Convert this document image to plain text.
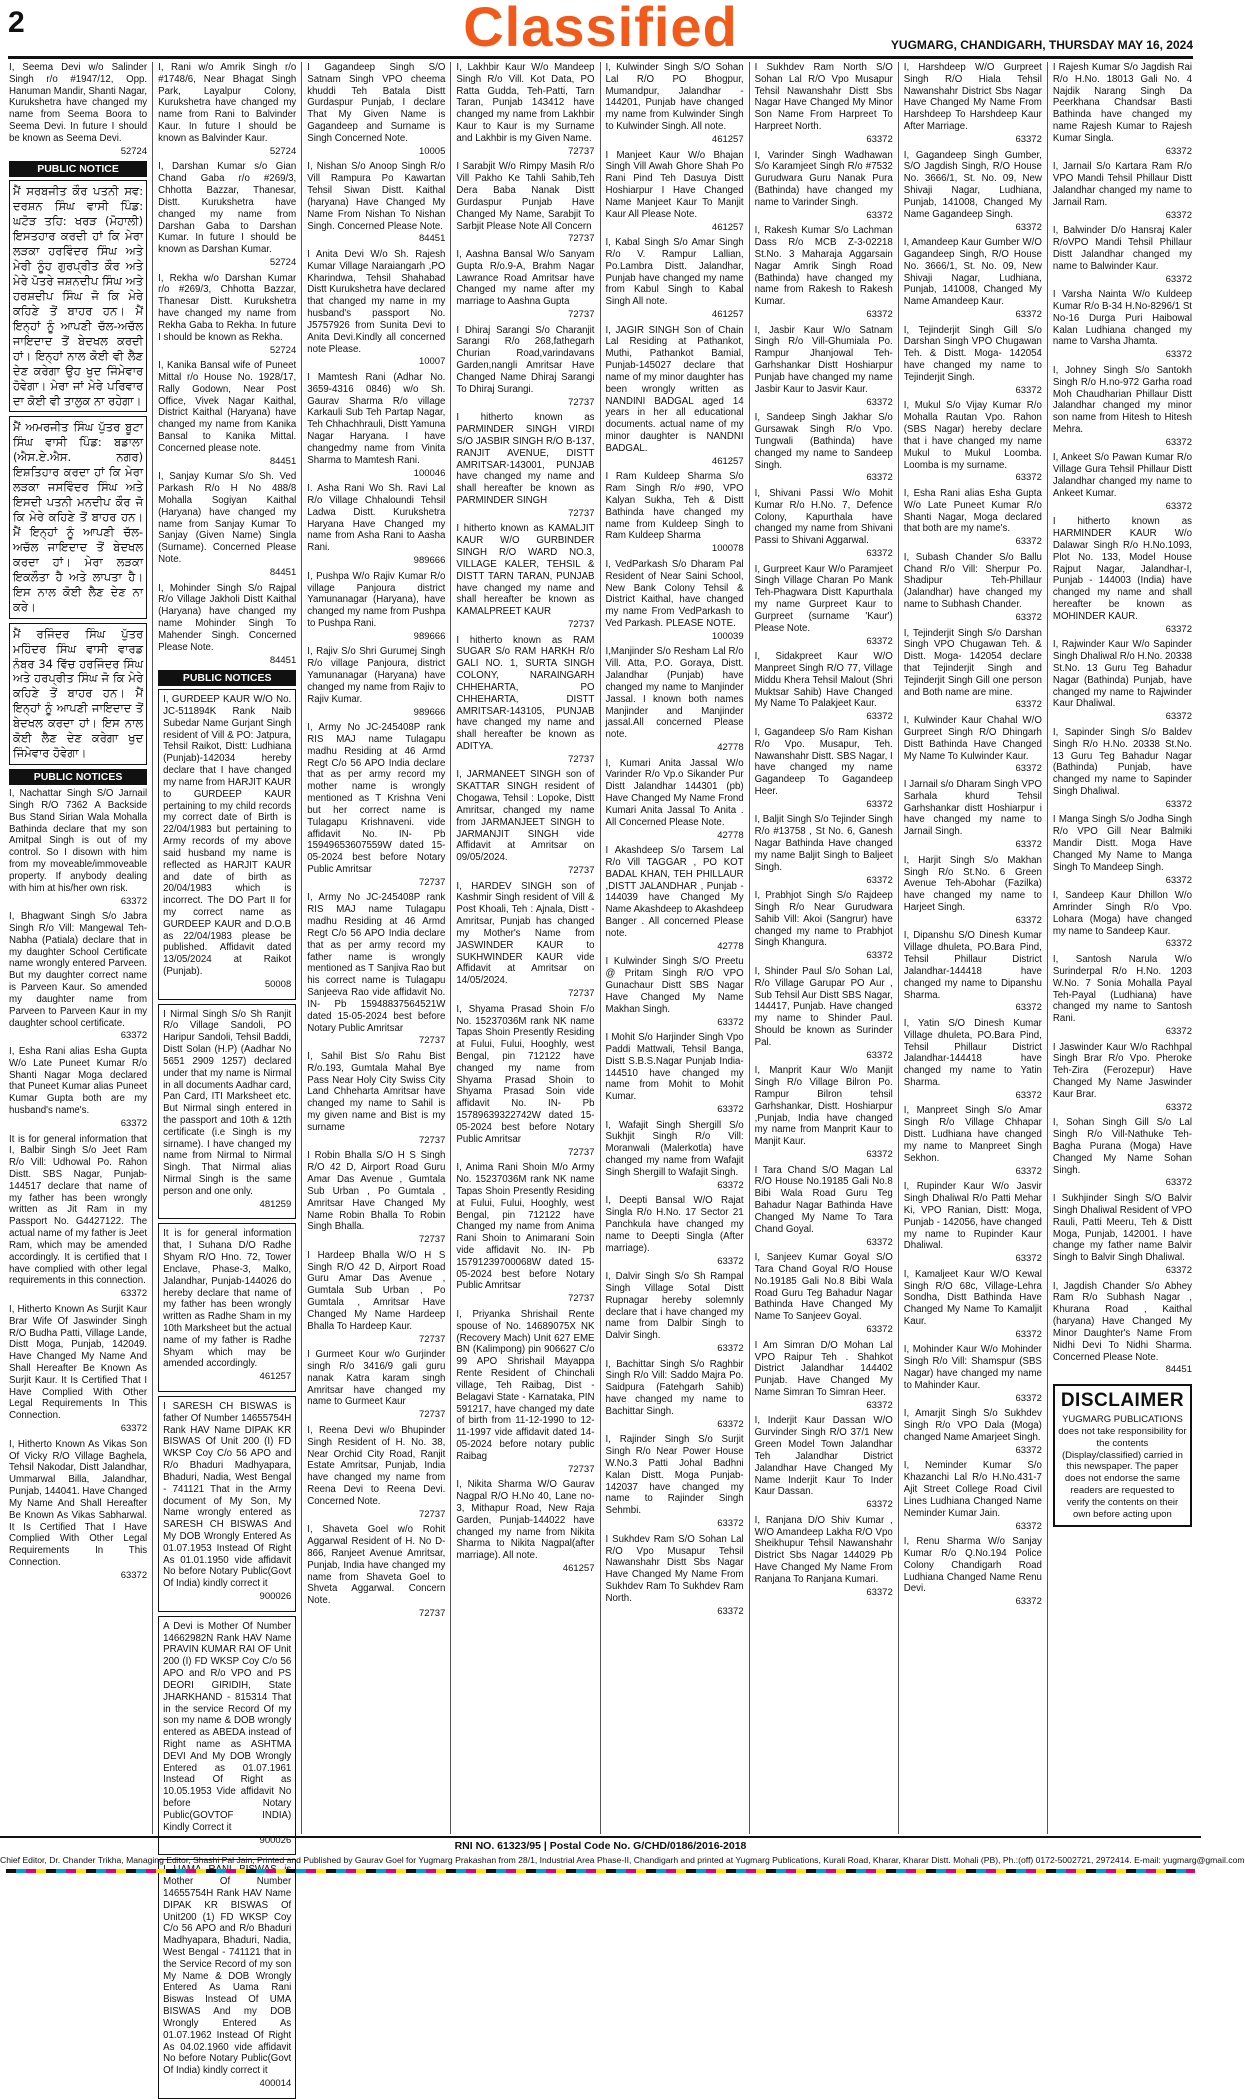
2	Classified	YUGMARG, CHANDIGARH, THURSDAY MAY 16, 2024
I, Seema Devi w/o Salinder Singh r/o #1947/12, Opp. Hanuman Mandir, Shanti Nagar, Kurukshetra have changed my name from Seema Boora to Seema Devi. In future I should be known as Seema Devi.
52724
PUBLIC NOTICE
ਮੈਂ ਸਰਬਜੀਤ ਕੌਰ ਪਤਨੀ ਸਵ: ਦਰਸ਼ਨ ਸਿੰਘ ਵਾਸੀ ਪਿੰਡ: ਘਟੋੜ ਤਹਿ: ਖਰੜ (ਮੋਹਾਲੀ) ਇਸਤਹਾਰ ਕਰਦੀ ਹਾਂ ਕਿ ਮੇਰਾ ਲੜਕਾ ਹਰਵਿੰਦਰ ਸਿੰਘ ਅਤੇ ਮੇਰੀ ਨੂੰਹ ਗੁਰਪ੍ਰੀਤ ਕੌਰ ਅਤੇ ਮੇਰੇ ਪੋਤਰੇ ਜਸ਼ਨਦੀਪ ਸਿੰਘ ਅਤੇ ਹਰਸ਼ਦੀਪ ਸਿੰਘ ਜੋ ਕਿ ਮੇਰੇ ਕਹਿਣੇ ਤੋਂ ਬਾਹਰ ਹਨ। ਮੈਂ ਇਨ੍ਹਾਂ ਨੂੰ ਆਪਣੀ ਚੱਲ-ਅਚੱਲ ਜਾਇਦਾਦ ਤੋਂ ਬੇਦਖਲ ਕਰਦੀ ਹਾਂ। ਇਨ੍ਹਾਂ ਨਾਲ ਕੋਈ ਵੀ ਲੈਣ ਦੇਣ ਕਰੇਗਾ ਉਹ ਖੁਦ ਜਿੰਮੇਵਾਰ ਹੋਵੇਗਾ। ਮੇਰਾ ਜਾਂ ਮੇਰੇ ਪਰਿਵਾਰ ਦਾ ਕੋਈ ਵੀ ਤਾਲੁਕ ਨਾ ਰਹੇਗਾ।
ਮੈਂ ਅਮਰਜੀਤ ਸਿੰਘ ਪੁੱਤਰ ਬੂਟਾ ਸਿੰਘ ਵਾਸੀ ਪਿੰਡ: ਬਡਾਲਾ (ਐਸ.ਏ.ਐਸ. ਨਗਰ) ਇਸ਼ਤਿਹਾਰ ਕਰਦਾ ਹਾਂ ਕਿ ਮੇਰਾ ਲੜਕਾ ਜਸਵਿੰਦਰ ਸਿੰਘ ਅਤੇ ਇਸਦੀ ਪਤਨੀ ਮਨਦੀਪ ਕੌਰ ਜੋ ਕਿ ਮੇਰੇ ਕਹਿਣੇ ਤੋਂ ਬਾਹਰ ਹਨ। ਮੈਂ ਇਨ੍ਹਾਂ ਨੂੰ ਆਪਣੀ ਚੱਲ-ਅਚੱਲ ਜਾਇਦਾਦ ਤੋਂ ਬੇਦਖਲ ਕਰਦਾ ਹਾਂ। ਮੇਰਾ ਲੜਕਾ ਇਕਲੌਤਾ ਹੈ ਅਤੇ ਲਾਪਤਾ ਹੈ। ਇਸ ਨਾਲ ਕੋਈ ਲੈਣ ਦੇਣ ਨਾ ਕਰੇ।
ਮੈਂ ਰਜਿੰਦਰ ਸਿੰਘ ਪੁੱਤਰ ਮਹਿੰਦਰ ਸਿੰਘ ਵਾਸੀ ਵਾਰਡ ਨੰਬਰ 34 ਵਿੱਚ ਹਰਜਿੰਦਰ ਸਿੰਘ ਅਤੇ ਹਰਪ੍ਰੀਤ ਸਿੰਘ ਜੋ ਕਿ ਮੇਰੇ ਕਹਿਣੇ ਤੋਂ ਬਾਹਰ ਹਨ। ਮੈਂ ਇਨ੍ਹਾਂ ਨੂੰ ਆਪਣੀ ਜਾਇਦਾਦ ਤੋਂ ਬੇਦਖਲ ਕਰਦਾ ਹਾਂ। ਇਸ ਨਾਲ ਕੋਈ ਲੈਣ ਦੇਣ ਕਰੇਗਾ ਖੁਦ ਜਿੰਮੇਵਾਰ ਹੋਵੇਗਾ।
PUBLIC NOTICES
I, Nachattar Singh S/O Jarnail Singh R/O 7362 A Backside Bus Stand Sirian Wala Mohalla Bathinda declare that my son Amitpal Singh is out of my control. So I disown with him from my moveable/immoveable property. If anybody dealing with him at his/her own risk.
63372
I, Bhagwant Singh S/o Jabra Singh R/o Vill: Mangewal Teh-Nabha (Patiala) declare that in my daughter School Certificate name wrongly entered Parveen. But my daughter correct name is Parveen Kaur. So amended my daughter name from Parveen to Parveen Kaur in my daughter school certificate.
63372
I, Esha Rani alias Esha Gupta W/o Late Puneet Kumar R/o Shanti Nagar Moga declared that Puneet Kumar alias Puneet Kumar Gupta both are my husband's name's.
63372
It is for general information that I, Balbir Singh S/o Jeet Ram R/o Vill: Udhowal Po. Rahon Distt. SBS Nagar, Punjab-144517 declare that name of my father has been wrongly written as Jit Ram in my Passport No. G4427122. The actual name of my father is Jeet Ram, which may be amended accordingly. It is certified that I have complied with other legal requirements in this connection.
63372
I, Hitherto Known As Surjit Kaur Brar Wife Of Jaswinder Singh R/O Budha Patti, Village Lande, Distt Moga, Punjab, 142049. Have Changed My Name And Shall Hereafter Be Known As Surjit Kaur. It Is Certified That I Have Complied With Other Legal Requirements In This Connection.
63372
I, Hitherto Known As Vikas Son Of Vicky R/O Village Baghela, Tehsil Nakodar, Distt Jalandhar, Ummarwal Billa, Jalandhar, Punjab, 144041. Have Changed My Name And Shall Hereafter Be Known As Vikas Sabharwal. It Is Certified That I Have Complied With Other Legal Requirements In This Connection.
63372
I, Rani w/o Amrik Singh r/o #1748/6, Near Bhagat Singh Park, Layalpur Colony, Kurukshetra have changed my name from Rani to Balvinder Kaur. In future I should be known as Balvinder Kaur.
52724
I, Darshan Kumar s/o Gian Chand Gaba r/o #269/3, Chhotta Bazzar, Thanesar, Distt. Kurukshetra have changed my name from Darshan Gaba to Darshan Kumar. In future I should be known as Darshan Kumar.
52724
I, Rekha w/o Darshan Kumar r/o #269/3, Chhotta Bazzar, Thanesar Distt. Kurukshetra have changed my name from Rekha Gaba to Rekha. In future I should be known as Rekha.
52724
I, Kanika Bansal wife of Puneet Mittal r/o House No. 1928/17, Rally Godown, Near Post Office, Vivek Nagar Kaithal, District Kaithal (Haryana) have changed my name from Kanika Bansal to Kanika Mittal. Concerned please note.
84451
I, Sanjay Kumar S/o Sh. Ved Parkash R/o H No 488/8 Mohalla Sogiyan Kaithal (Haryana) have changed my name from Sanjay Kumar To Sanjay (Given Name) Singla (Surname). Concerned Please Note.
84451
I, Mohinder Singh S/o Rajpal R/o Village Jakholi Distt Kaithal (Haryana) have changed my name Mohinder Singh To Mahender Singh. Concerned Please Note.
84451
PUBLIC NOTICES
I, GURDEEP KAUR W/O No. JC-511894K Rank Naib Subedar Name Gurjant Singh resident of Vill & PO: Jatpura, Tehsil Raikot, Distt: Ludhiana (Punjab)-142034 hereby declare that I have changed my name from HARJIT KAUR to GURDEEP KAUR pertaining to my child records my correct date of Birth is 22/04/1983 but pertaining to Army records of my above said husband my name is reflected as HARJIT KAUR and date of birth as 20/04/1983 which is incorrect. The DO Part II for my correct name as GURDEEP KAUR and D.O.B as 22/04/1983 please be published. Affidavit dated 13/05/2024 at Raikot (Punjab).
50008
I Nirmal Singh S/o Sh Ranjit R/o Village Sandoli, PO Haripur Sandoli, Tehsil Baddi, Distt Solan (H.P) (Aadhar No 5651 2909 1257) declared under that my name is Nirmal in all documents Aadhar card, Pan Card, ITI Marksheet etc. But Nirmal singh entered in the passport and 10th & 12th certificate (i.e Singh is my sirname). I have changed my name from Nirmal to Nirmal Singh. That Nirmal alias Nirmal Singh is the same person and one only.
481259
It is for general information that, I Suhana D/O Radhe Shyam R/O Hno. 72, Tower Enclave, Phase-3, Malko, Jalandhar, Punjab-144026 do hereby declare that name of my father has been wrongly written as Radhe Sham in my 10th Marksheet but the actual name of my father is Radhe Shyam which may be amended accordingly.
461257
I SARESH CH BISWAS is father Of Number 14655754H Rank HAV Name DIPAK KR BISWAS Of Unit 200 (I) FD WKSP Coy C/o 56 APO and R/o Bhaduri Madhyapara, Bhaduri, Nadia, West Bengal - 741121 That in the Army document of My Son, My Name wrongly entered as SARESH CH BISWAS And My DOB Wrongly Entered As 01.07.1953 Instead Of Right As 01.01.1950 vide affidavit No before Notary Public(Govt Of India) kindly correct it
900026
A Devi is Mother Of Number 14662982N Rank HAV Name PRAVIN KUMAR RAI OF Unit 200 (I) FD WKSP Coy C/o 56 APO and R/o VPO and PS DEORI GIRIDIH, State JHARKHAND - 815314 That in the service Record Of my son my name & DOB wrongly entered as ABEDA instead of Right name as ASHTMA DEVI And My DOB Wrongly Entered as 01.07.1961 Instead Of Right as 10.05.1953 Vide affidavit No before Notary Public(GOVTOF INDIA) Kindly Correct it
900026
Mother Of Number 14655754H Rank HAV Name DIPAK KR BISWAS Of Unit200 (1) FD WKSP Coy C/o 56 APO and R/o Bhaduri Madhyapara, Bhaduri, Nadia, West Bengal - 741121 that in the Service Record of my son My Name & DOB Wrongly Entered As Uama Rani Biswas Instead Of UMA BISWAS And my DOB Wrongly Entered As 01.07.1962 Instead Of Right As 04.02.1960 vide affidavit No before Notary Public(Govt Of India) kindly correct it
400014
I Gagandeep Singh S/O Satnam Singh VPO cheema khuddi Teh Batala Distt Gurdaspur Punjab, I declare That My Given Name is Gagandeep and Surname is Singh Concerned Note.
10005
I, Nishan S/o Anoop Singh R/o Vill Rampura Po Kawartan Tehsil Siwan Distt. Kaithal (haryana) Have Changed My Name From Nishan To Nishan Singh. Concerned Please Note.
84451
I Anita Devi W/o Sh. Rajesh Kumar Village Naraiangarh ,PO Kharindwa, Tehsil Shahabad Distt Kurukshetra have declared that changed my name in my husband's passport No. J5757926 from Sunita Devi to Anita Devi.Kindly all concerned note Please.
10007
I Mamtesh Rani (Adhar No. 3659-4316 0846) w/o Sh. Gaurav Sharma R/o village Karkauli Sub Teh Partap Nagar, Teh Chhachhrauli, Distt Yamuna Nagar Haryana. I have changedmy name from Vinita Sharma to Mamtesh Rani.
100046
I. Asha Rani Wo Sh. Ravi Lal R/o Village Chhaloundi Tehsil Ladwa Distt. Kurukshetra Haryana Have Changed my name from Asha Rani to Aasha Rani.
989666
I, Pushpa W/o Rajiv Kumar R/o village Panjoura district Yamunanagar (Haryana), have changed my name from Pushpa to Pushpa Rani.
989666
I, Rajiv S/o Shri Gurumej Singh R/o village Panjoura, district Yamunanagar (Haryana) have changed my name from Rajiv to Rajiv Kumar.
989666
I, Army No JC-245408P rank RIS MAJ name Tulagapu madhu Residing at 46 Armd Regt C/o 56 APO India declare that as per army record my mother name is wrongly mentioned as T Krishna Veni but her correct name is Tulagapu Krishnaveni. vide affidavit No. IN- Pb 15949653607559W dated 15-05-2024 best before Notary Public Amritsar
72737
I, Army No JC-245408P rank RIS MAJ name Tulagapu madhu Residing at 46 Armd Regt C/o 56 APO India declare that as per army record my father name is wrongly mentioned as T Sanjiva Rao but his correct name is Tulagapu Sanjeeva Rao vide affidavit No. IN- Pb 15948837564521W dated 15-05-2024 best before Notary Public Amritsar
72737
I, Sahil Bist S/o Rahu Bist R/o.193, Gumtala Mahal Bye Pass Near Holy City Swiss City Land Chheharta Amritsar have changed my name to Sahil is my given name and Bist is my surname
72737
I Robin Bhalla S/O H S Singh R/O 42 D, Airport Road Guru Amar Das Avenue , Gumtala Sub Urban , Po Gumtala , Amritsar Have Changed My Name Robin Bhalla To Robin Singh Bhalla.
72737
I Hardeep Bhalla W/O H S Singh R/O 42 D, Airport Road Guru Amar Das Avenue , Gumtala Sub Urban , Po Gumtala , Amritsar Have Changed My Name Hardeep Bhalla To Hardeep Kaur.
72737
I Gurmeet Kour w/o Gurjinder singh R/o 3416/9 gali guru nanak Katra karam singh Amritsar have changed my name to Gurmeet Kaur
72737
I, Reena Devi w/o Bhupinder Singh Resident of H. No. 38, Near Orchid City Road, Ranjit Estate Amritsar, Punjab, India have changed my name from Reena Devi to Reena Devi. Concerned Note.
72737
I, Shaveta Goel w/o Rohit Aggarwal Resident of H. No D-866, Ranjeet Avenue Amritsar, Punjab, India have changed my name from Shaveta Goel to Shveta Aggarwal. Concern Note.
72737
I, Lakhbir Kaur W/o Mandeep Singh R/o Vill. Kot Data, PO Ratta Gudda, Teh-Patti, Tarn Taran, Punjab 143412 have changed my name from Lakhbir Kaur to Kaur is my Surname and Lakhbir is my Given Name.
72737
I Sarabjit W/o Rimpy Masih R/o Vill Pakho Ke Tahli Sahib,Teh Dera Baba Nanak Distt Gurdaspur Punjab Have Changed My Name, Sarabjit To Sarbjit Please Note All Concern
72737
I, Aashna Bansal W/o Sanyam Gupta R/o.9-A, Brahm Nagar Lawrance Road Amritsar have Changed my name after my marriage to Aashna Gupta
72737
I Dhiraj Sarangi S/o Charanjit Sarangi R/o 268,fathegarh Churian Road,varindavans Garden,nangli Amritsar Have Changed Name Dhiraj Sarangi To Dhiraj Surangi.
72737
I hitherto known as PARMINDER SINGH VIRDI S/O JASBIR SINGH R/O B-137, RANJIT AVENUE, DISTT AMRITSAR-143001, PUNJAB have changed my name and shall hereafter be known as PARMINDER SINGH
72737
I hitherto known as KAMALJIT KAUR W/O GURBINDER SINGH R/O WARD NO.3, VILLAGE KALER, TEHSIL & DISTT TARN TARAN, PUNJAB have changed my name and shall hereafter be known as KAMALPREET KAUR
72737
I hitherto known as RAM SUGAR S/o RAM HARKH R/o GALI NO. 1, SURTA SINGH COLONY, NARAINGARH CHHEHARTA, PO CHHEHARTA, DISTT AMRITSAR-143105, PUNJAB have changed my name and shall hereafter be known as ADITYA.
72737
I, JARMANEET SINGH son of SKATTAR SINGH resident of Chogawa, Tehsil : Lopoke, Distt Amritsar, changed my name from JARMANJEET SINGH to JARMANJIT SINGH vide Affidavit at Amritsar on 09/05/2024.
72737
I, HARDEV SINGH son of Kashmir Singh resident of Vill & Post Khoali, Teh : Ajnala, Distt - Amritsar, Punjab has changed my Mother's Name from JASWINDER KAUR to SUKHWINDER KAUR vide Affidavit at Amritsar on 14/05/2024.
72737
I, Shyama Prasad Shoin F/o No. 15237036M rank NK name Tapas Shoin Presently Residing at Fului, Fului, Hooghly, west Bengal, pin 712122 have changed my name from Shyama Prasad Shoin to Shyama Prasad Soin vide affidavit No. IN- Pb 15789639322742W dated 15-05-2024 best before Notary Public Amritsar
72737
I, Anima Rani Shoin M/o Army No. 15237036M rank NK name Tapas Shoin Presently Residing at Fului, Fului, Hooghly, west Bengal, pin 712122 have Changed my name from Anima Rani Shoin to Animarani Soin vide affidavit No. IN- Pb 15791239700068W dated 15-05-2024 best before Notary Public Amritsar
72737
I, Priyanka Shrishail Rente spouse of No. 14689075X NK (Recovery Mach) Unit 627 EME BN (Kalimpong) pin 906627 C/o 99 APO Shrishail Mayappa Rente Resident of Chinchali village, Teh Raibag, Dist - Belagavi State - Karnataka, PIN 591217, have changed my date of birth from 11-12-1990 to 12-11-1997 vide affidavit dated 14- 05-2024 before notary public Raibag
72737
I, Nikita Sharma W/O Gaurav Nagpal R/O H.No 40, Lane no-3, Mithapur Road, New Raja Garden, Punjab-144022 have changed my name from Nikita Sharma to Nikita Nagpal(after marriage). All note.
461257
I, Kulwinder Singh S/O Sohan Lal R/O PO Bhogpur, Mumandpur, Jalandhar - 144201, Punjab have changed my name from Kulwinder Singh to Kulwinder Singh. All note.
461257
I Manjeet Kaur W/o Bhajan Singh Vill Awah Ghore Shah Po Rani Pind Teh Dasuya Distt Hoshiarpur I Have Changed Name Manjeet Kaur To Manjit Kaur All Please Note.
461257
I, Kabal Singh S/o Amar Singh R/o V. Rampur Lallian, Po.Lambra Distt. Jalandhar, Punjab have changed my name from Kabul Singh to Kabal Singh All note.
461257
I, JAGIR SINGH Son of Chain Lal Residing at Pathankot, Muthi, Pathankot Bamial, Punjab-145027 declare that name of my minor daughter has been wrongly written as NANDINI BADGAL aged 14 years in her all educational documents. actual name of my minor daughter is NANDNI BADGAL.
461257
I Ram Kuldeep Sharma S/o Ram Singh R/o #90, VPO Kalyan Sukha, Teh & Distt Bathinda have changed my name from Kuldeep Singh to Ram Kuldeep Sharma
100078
I, VedParkash S/o Dharam Pal Resident of Near Saini School, New Bank Colony Tehsil & District Kaithal, have changed my name From VedParkash to Ved Parkash. PLEASE NOTE.
100039
I,Manjinder S/o Resham Lal R/o Vill. Atta, P.O. Goraya, Distt. Jalandhar (Punjab) have changed my name to Manjinder Jassal. I known both names Manjinder and Manjinder jassal.All concerned Please note.
42778
I, Kumari Anita Jassal W/o Varinder R/o Vp.o Sikander Pur Distt Jalandhar 144301 (pb) Have Changed My Name Frond Kumari Anita Jassal To Anita . All Concerned Please Note.
42778
I Akashdeep S/o Tarsem Lal R/o Vill TAGGAR , PO KOT BADAL KHAN, TEH PHILLAUR ,DISTT JALANDHAR , Punjab - 144039 have Changed My Name Akashdeep to Akashdeep Banger . All concerned Please note.
42778
I Kulwinder Singh S/O Preetu @ Pritam Singh R/O VPO Gunachaur Distt SBS Nagar Have Changed My Name Makhan Singh.
63372
I Mohit S/o Harjinder Singh Vpo Paddi Mattwali, Tehsil Banga, Distt S.B.S.Nagar Punjab India-144510 have changed my name from Mohit to Mohit Kumar.
63372
I, Wafajit Singh Shergill S/o Sukhjit Singh R/o Vill: Moranwali (Malerkotla) have changed my name from Wafajit Singh Shergill to Wafajit Singh.
63372
I, Deepti Bansal W/O Rajat Singla R/o H.No. 17 Sector 21 Panchkula have changed my name to Deepti Singla (After marriage).
63372
I, Dalvir Singh S/o Sh Rampal Singh Village Sotal Distt Rupnagar hereby solemnly declare that i have changed my name from Dalbir Singh to Dalvir Singh.
63372
I, Bachittar Singh S/o Raghbir Singh R/o Vill: Saddo Majra Po. Saidpura (Fatehgarh Sahib) have changed my name to Bachittar Singh.
63372
I, Rajinder Singh S/o Surjit Singh R/o Near Power House W.No.3 Patti Johal Badhni Kalan Distt. Moga Punjab-142037 have changed my name to Rajinder Singh Sehmbi.
63372
I Sukhdev Ram S/O Sohan Lal R/O Vpo Musapur Tehsil Nawanshahr Distt Sbs Nagar Have Changed My Name From Sukhdev Ram To Sukhdev Ram North.
63372
I Sukhdev Ram North S/O Sohan Lal R/O Vpo Musapur Tehsil Nawanshahr Distt Sbs Nagar Have Changed My Minor Son Name From Harpreet To Harpreet North.
63372
I, Varinder Singh Wadhawan S/o Karamjeet Singh R/o #7532 Gurudwara Guru Nanak Pura (Bathinda) have changed my name to Varinder Singh.
63372
I, Rakesh Kumar S/o Lachman Dass R/o MCB Z-3-02218 St.No. 3 Maharaja Aggarsain Nagar Amrik Singh Road (Bathinda) have changed my name from Rakesh to Rakesh Kumar.
63372
I, Jasbir Kaur W/o Satnam Singh R/o Vill-Ghumiala Po. Rampur Jhanjowal Teh-Garhshankar Distt Hoshiarpur Punjab have changed my name Jasbir Kaur to Jasvir Kaur.
63372
I, Sandeep Singh Jakhar S/o Gursawak Singh R/o Vpo. Tungwali (Bathinda) have changed my name to Sandeep Singh.
63372
I, Shivani Passi W/o Mohit Kumar R/o H.No. 7, Defence Colony, Kapurthala have changed my name from Shivani Passi to Shivani Aggarwal.
63372
I, Gurpreet Kaur W/o Paramjeet Singh Village Charan Po Mank Teh-Phagwara Distt Kapurthala my name Gurpreet Kaur to Gurpreet (surname 'Kaur') Please Note.
63372
I, Sidakpreet Kaur W/O Manpreet Singh R/O 77, Village Middu Khera Tehsil Malout (Shri Muktsar Sahib) Have Changed My Name To Palakjeet Kaur.
63372
I, Gagandeep S/o Ram Kishan R/o Vpo. Musapur, Teh. Nawanshahr Distt. SBS Nagar, I have changed my name Gagandeep To Gagandeep Heer.
63372
I, Baljit Singh S/o Tejinder Singh R/o #13758 , St No. 6, Ganesh Nagar Bathinda Have changed my name Baljit Singh to Baljeet Singh.
63372
I, Prabhjot Singh S/o Rajdeep Singh R/o Near Gurudwara Sahib Vill: Akoi (Sangrur) have changed my name to Prabhjot Singh Khangura.
63372
I, Shinder Paul S/o Sohan Lal, R/o Village Garupar PO Aur , Sub Tehsil Aur Distt SBS Nagar, 144417, Punjab. Have changed my name to Shinder Paul. Should be known as Surinder Pal.
63372
I, Manprit Kaur W/o Manjit Singh R/o Village Bilron Po. Rampur Bilron tehsil Garhshankar, Distt. Hoshiarpur ,Punjab, India have changed my name from Manprit Kaur to Manjit Kaur.
63372
I Tara Chand S/O Magan Lal R/O House No.19185 Gali No.8 Bibi Wala Road Guru Teg Bahadur Nagar Bathinda Have Changed My Name To Tara Chand Goyal.
63372
I, Sanjeev Kumar Goyal S/O Tara Chand Goyal R/O House No.19185 Gali No.8 Bibi Wala Road Guru Teg Bahadur Nagar Bathinda Have Changed My Name To Sanjeev Goyal.
63372
I Am Simran D/O Mohan Lal VPO Raipur Teh . Shahkot District Jalandhar 144402 Punjab. Have Changed My Name Simran To Simran Heer.
63372
I, Inderjit Kaur Dassan W/O Gurvinder Singh R/O 37/1 New Green Model Town Jalandhar Teh Jalandhar District Jalandhar Have Changed My Name Inderjit Kaur To Inder Kaur Dassan.
63372
I, Ranjana D/O Shiv Kumar , W/O Amandeep Lakha R/O Vpo Sheikhupur Tehsil Nawanshahr District Sbs Nagar 144029 Pb Have Changed My Name From Ranjana To Ranjana Kumari.
63372
I, Harshdeep W/O Gurpreet Singh R/O Hiala Tehsil Nawanshahr District Sbs Nagar Have Changed My Name From Harshdeep To Harshdeep Kaur After Marriage.
63372
I, Gagandeep Singh Gumber, S/O Jagdish Singh, R/O House No. 3666/1, St. No. 09, New Shivaji Nagar, Ludhiana, Punjab, 141008, Changed My Name Gagandeep Singh.
63372
I, Amandeep Kaur Gumber W/O Gagandeep Singh, R/O House No. 3666/1, St. No. 09, New Shivaji Nagar, Ludhiana, Punjab, 141008, Changed My Name Amandeep Kaur.
63372
I, Tejinderjit Singh Gill S/o Darshan Singh VPO Chugawan Teh. & Distt. Moga- 142054 have changed my name to Tejinderjit Singh.
63372
I, Mukul S/o Vijay Kumar R/o Mohalla Rautan Vpo. Rahon (SBS Nagar) hereby declare that i have changed my name Mukul to Mukul Loomba. Loomba is my surname.
63372
I, Esha Rani alias Esha Gupta W/o Late Puneet Kumar R/o Shanti Nagar, Moga declared that both are my name's.
63372
I, Subash Chander S/o Ballu Chand R/o Vill: Sherpur Po. Shadipur Teh-Phillaur (Jalandhar) have changed my name to Subhash Chander.
63372
I, Tejinderjit Singh S/o Darshan Singh VPO Chugawan Teh. & Distt. Moga- 142054 declare that Tejinderjit Singh and Tejinderjit Singh Gill one person and Both name are mine.
63372
I, Kulwinder Kaur Chahal W/O Gurpreet Singh R/O Dhingarh Distt Bathinda Have Changed My Name To Kulwinder Kaur.
63372
I Jarnail s/o Dharam Singh VPO Sarhala khurd Tehsil Garhshankar distt Hoshiarpur i have changed my name to Jarnail Singh.
63372
I, Harjit Singh S/o Makhan Singh R/o St.No. 6 Green Avenue Teh-Abohar (Fazilka) have changed my name to Harjeet Singh.
63372
I, Dipanshu S/O Dinesh Kumar Village dhuleta, PO.Bara Pind, Tehsil Phillaur District Jalandhar-144418 have changed my name to Dipanshu Sharma.
63372
I, Yatin S/O Dinesh Kumar Village dhuleta, PO.Bara Pind, Tehsil Phillaur District Jalandhar-144418 have changed my name to Yatin Sharma.
63372
I, Manpreet Singh S/o Amar Singh R/o Village Chhapar Distt. Ludhiana have changed my name to Manpreet Singh Sekhon.
63372
I, Rupinder Kaur W/o Jasvir Singh Dhaliwal R/o Patti Mehar Ki, VPO Ranian, Distt: Moga, Punjab - 142056, have changed my name to Rupinder Kaur Dhaliwal.
63372
I, Kamaljeet Kaur W/O Kewal Singh R/O 68c, Village-Lehra Sondha, Distt Bathinda Have Changed My Name To Kamaljit Kaur.
63372
I, Mohinder Kaur W/o Mohinder Singh R/o Vill: Shamspur (SBS Nagar) have changed my name to Mahinder Kaur.
63372
I, Amarjit Singh S/o Sukhdev Singh R/o VPO Dala (Moga) changed Name Amarjeet Singh.
63372
I, Neminder Kumar S/o Khazanchi Lal R/o H.No.431-7 Ajit Street College Road Civil Lines Ludhiana Changed Name Neminder Kumar Jain.
63372
I, Renu Sharma W/o Sanjay Kumar R/o Q.No.194 Police Colony Chandigarh Road Ludhiana Changed Name Renu Devi.
63372
I Rajesh Kumar S/o Jagdish Rai R/o H.No. 18013 Gali No. 4 Najdik Narang Singh Da Peerkhana Chandsar Basti Bathinda have changed my name Rajesh Kumar to Rajesh Kumar Singla.
63372
I, Jarnail S/o Kartara Ram R/o VPO Mandi Tehsil Phillaur Distt Jalandhar changed my name to Jarnail Ram.
63372
I, Balwinder D/o Hansraj Kaler R/oVPO Mandi Tehsil Phillaur Distt Jalandhar changed my name to Balwinder Kaur.
63372
I Varsha Nainta W/o Kuldeep Kumar R/o B-34 H.No-8296/1 St No-16 Durga Puri Haibowal Kalan Ludhiana changed my name to Varsha Jhamta.
63372
I, Johney Singh S/o Santokh Singh R/o H.no-972 Garha road Moh Chaudharian Phillaur Distt Jalandhar changed my minor son name from Hitesh to Hitesh Mehra.
63372
I, Ankeet S/o Pawan Kumar R/o Village Gura Tehsil Phillaur Distt Jalandhar changed my name to Ankeet Kumar.
63372
I hitherto known as HARMINDER KAUR W/o Dalawar Singh R/o H.No.1093, Plot No. 133, Model House Rajput Nagar, Jalandhar-I, Punjab - 144003 (India) have changed my name and shall hereafter be known as MOHINDER KAUR.
63372
I, Rajwinder Kaur W/o Sapinder Singh Dhaliwal R/o H.No. 20338 St.No. 13 Guru Teg Bahadur Nagar (Bathinda) Punjab, have changed my name to Rajwinder Kaur Dhaliwal.
63372
I, Sapinder Singh S/o Baldev Singh R/o H.No. 20338 St.No. 13 Guru Teg Bahadur Nagar (Bathinda) Punjab, have changed my name to Sapinder Singh Dhaliwal.
63372
I Manga Singh S/o Jodha Singh R/o VPO Gill Near Balmiki Mandir Distt. Moga Have Changed My Name to Manga Singh To Mandeep Singh.
63372
I, Sandeep Kaur Dhillon W/o Amrinder Singh R/o Vpo. Lohara (Moga) have changed my name to Sandeep Kaur.
63372
I, Santosh Narula W/o Surinderpal R/o H.No. 1203 W.No. 7 Sonia Mohalla Payal Teh-Payal (Ludhiana) have changed my name to Santosh Rani.
63372
I Jaswinder Kaur W/o Rachhpal Singh Brar R/o Vpo. Pheroke Teh-Zira (Ferozepur) Have Changed My Name Jaswinder Kaur Brar.
63372
I, Sohan Singh Gill S/o Lal Singh R/o Vill-Nathuke Teh-Bagha Purana (Moga) Have Changed My Name Sohan Singh.
63372
I Sukhjinder Singh S/O Balvir Singh Dhaliwal Resident of VPO Rauli, Patti Meeru, Teh & Distt Moga, Punjab, 142001. I have change my father name Balvir Singh to Balvir Singh Dhaliwal.
63372
I, Jagdish Chander S/o Abhey Ram R/o Subhash Nagar , Khurana Road , Kaithal (haryana) Have Changed My Minor Daughter's Name From Nidhi Devi To Nidhi Sharma. Concerned Please Note.
84451
DISCLAIMER
YUGMARG PUBLICATIONS does not take responsibility for the contents (Display/classified) carried in this newspaper. The paper does not endorse the same readers are requested to verify the contents on their own before acting upon
RNI NO. 61323/95 | Postal Code No. G/CHD/0186/2016-2018
Chief Editor, Dr. Chander Trikha, Managing Editor, Shashi Pal Jain, Printed and Published by Gaurav Goel for Yugmarg Prakashan from 28/1, Industrial Area Phase-II, Chandigarh and printed at Yugmarg Publications, Kurali Road, Kharar, Kharar Distt. Mohali (PB), Ph.:(off) 0172-5002721, 2972414. E-mail: yugmarg@gmail.com
